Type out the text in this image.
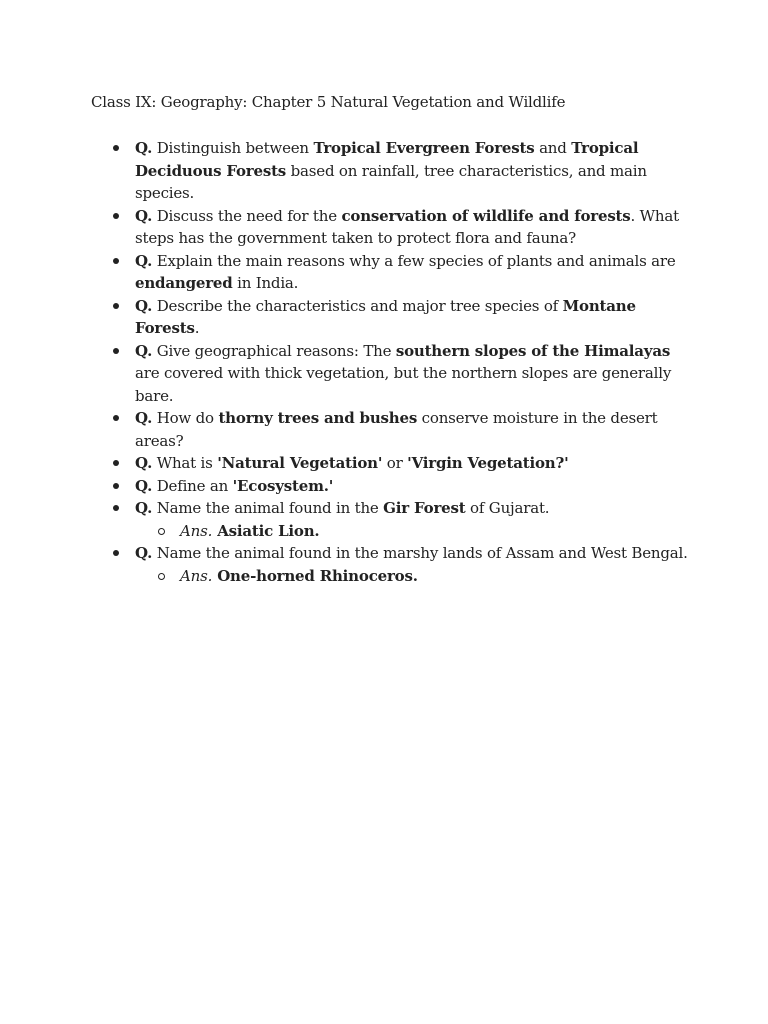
Class IX: Geography: Chapter 5 Natural Vegetation and Wildlife
Q. Distinguish between Tropical Evergreen Forests and Tropical Deciduous Forests based on rainfall, tree characteristics, and main species.
Q. Discuss the need for the conservation of wildlife and forests. What steps has the government taken to protect flora and fauna?
Q. Explain the main reasons why a few species of plants and animals are endangered in India.
Q. Describe the characteristics and major tree species of Montane Forests.
Q. Give geographical reasons: The southern slopes of the Himalayas are covered with thick vegetation, but the northern slopes are generally bare.
Q. How do thorny trees and bushes conserve moisture in the desert areas?
Q. What is 'Natural Vegetation' or 'Virgin Vegetation?'
Q. Define an 'Ecosystem.'
Q. Name the animal found in the Gir Forest of Gujarat.
Ans. Asiatic Lion.
Q. Name the animal found in the marshy lands of Assam and West Bengal.
Ans. One-horned Rhinoceros.
